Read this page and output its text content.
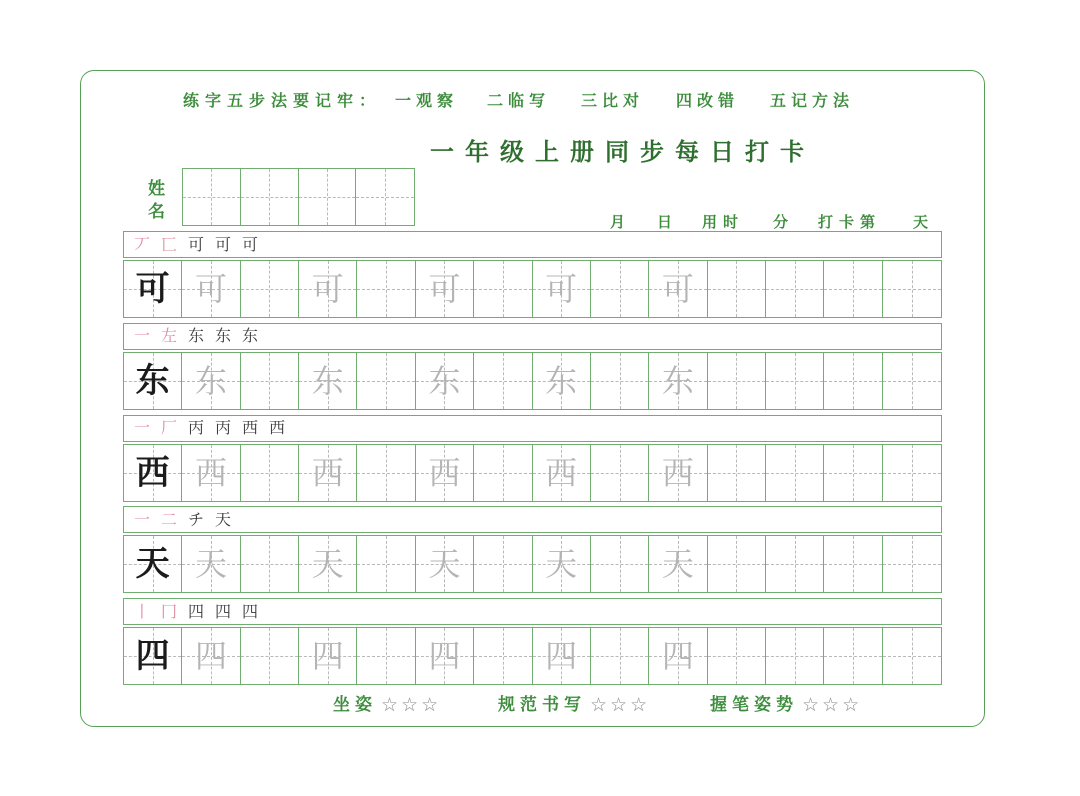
练字五步法要记牢： 一观察 二临写 三比对 四改错 五记方法
一年级上册同步每日打卡
姓
名	月 日 用时 分 打卡第 天
丆 匸 可 可 可
可 可	可	可	可	可
一 左 东 东 东
东 东	东	东	东	东
一 厂 丙 丙 西 西
西 西	西	西	西	西
一 二 チ 天
天 天	天	天	天	天
丨 冂 四 四 四
四 四	四	四	四	四
坐姿 ☆ ☆ ☆	规范书写 ☆ ☆ ☆	握笔姿势 ☆ ☆ ☆
